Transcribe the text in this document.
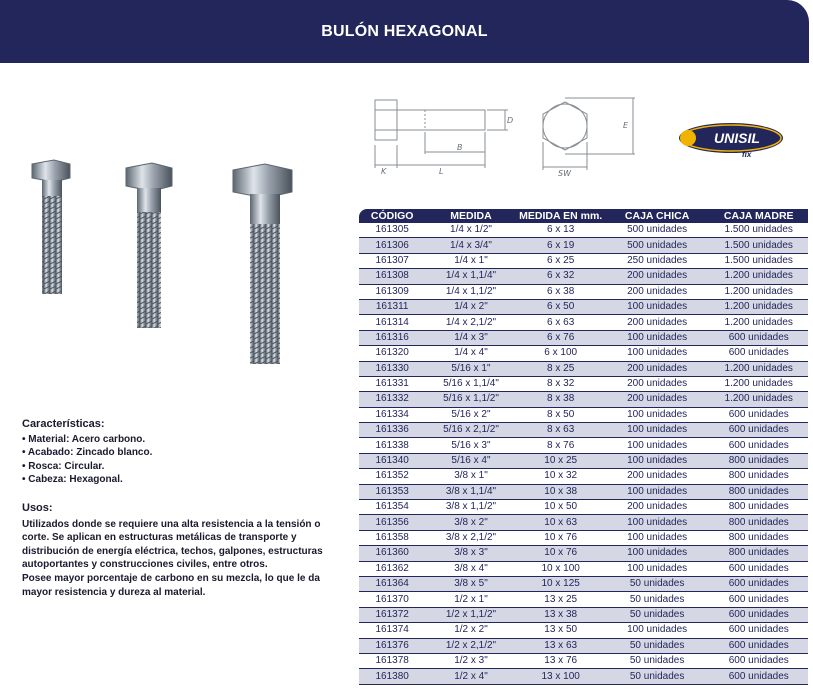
BULÓN HEXAGONAL
D
B
K	L
E
SW
UNISIL
fix
Características:
• Material: Acero carbono.
• Acabado: Zincado blanco.
• Rosca: Circular.
• Cabeza: Hexagonal.
Usos:

Utilizados donde se requiere una alta resistencia a la tensión o corte. Se aplican en estructuras metálicas de transporte y distribución de energía eléctrica, techos, galpones, estructuras autoportantes y construcciones civiles, entre otros.

Posee mayor porcentaje de carbono en su mezcla, lo que le da mayor resistencia y dureza al material.

CÓDIGO	MEDIDA	MEDIDA EN mm.	CAJA CHICA	CAJA MADRE
161305	1/4 x 1/2"	6 x 13	500 unidades	1.500 unidades
161306	1/4 x 3/4"	6 x 19	500 unidades	1.500 unidades
161307	1/4 x 1"	6 x 25	250 unidades	1.500 unidades
161308	1/4 x 1,1/4"	6 x 32	200 unidades	1.200 unidades
161309	1/4 x 1,1/2"	6 x 38	200 unidades	1.200 unidades
161311	1/4 x 2"	6 x 50	100 unidades	1.200 unidades
161314	1/4 x 2,1/2"	6 x 63	200 unidades	1.200 unidades
161316	1/4 x 3"	6 x 76	100 unidades	600 unidades
161320	1/4 x 4"	6 x 100	100 unidades	600 unidades
161330	5/16 x 1"	8 x 25	200 unidades	1.200 unidades
161331	5/16 x 1,1/4"	8 x 32	200 unidades	1.200 unidades
161332	5/16 x 1,1/2"	8 x 38	200 unidades	1.200 unidades
161334	5/16 x 2"	8 x 50	100 unidades	600 unidades
161336	5/16 x 2,1/2"	8 x 63	100 unidades	600 unidades
161338	5/16 x 3"	8 x 76	100 unidades	600 unidades
161340	5/16 x 4"	10 x 25	100 unidades	800 unidades
161352	3/8 x 1"	10 x 32	200 unidades	800 unidades
161353	3/8 x 1,1/4"	10 x 38	100 unidades	800 unidades
161354	3/8 x 1,1/2"	10 x 50	200 unidades	800 unidades
161356	3/8 x 2"	10 x 63	100 unidades	800 unidades
161358	3/8 x 2,1/2"	10 x 76	100 unidades	800 unidades
161360	3/8 x 3"	10 x 76	100 unidades	800 unidades
161362	3/8 x 4"	10 x 100	100 unidades	600 unidades
161364	3/8 x 5"	10 x 125	50 unidades	600 unidades
161370	1/2 x 1"	13 x 25	50 unidades	600 unidades
161372	1/2 x 1,1/2"	13 x 38	50 unidades	600 unidades
161374	1/2 x 2"	13 x 50	100 unidades	600 unidades
161376	1/2 x 2,1/2"	13 x 63	50 unidades	600 unidades
161378	1/2 x 3"	13 x 76	50 unidades	600 unidades
161380	1/2 x 4"	13 x 100	50 unidades	600 unidades
